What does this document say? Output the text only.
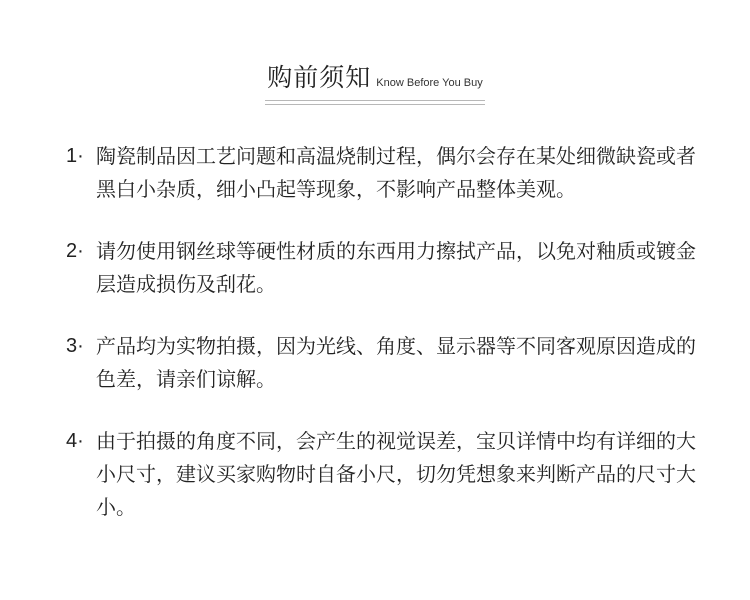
购前须知 Know Before You Buy
1· 陶瓷制品因工艺问题和高温烧制过程，偶尔会存在某处细微缺瓷或者黑白小杂质，细小凸起等现象，不影响产品整体美观。
2· 请勿使用钢丝球等硬性材质的东西用力擦拭产品，以免对釉质或镀金层造成损伤及刮花。
3· 产品均为实物拍摄，因为光线、角度、显示器等不同客观原因造成的色差，请亲们谅解。
4· 由于拍摄的角度不同，会产生的视觉误差，宝贝详情中均有详细的大小尺寸，建议买家购物时自备小尺，切勿凭想象来判断产品的尺寸大小。
